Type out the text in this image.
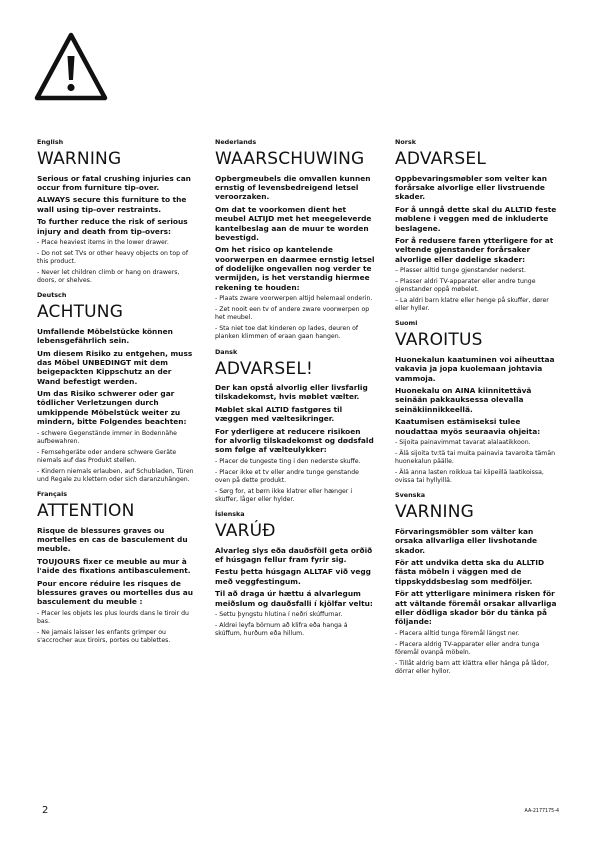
English
WARNING

Serious or fatal crushing injuries can occur from furniture tip-over.

ALWAYS secure this furniture to the wall using tip-over restraints.

To further reduce the risk of serious injury and death from tip-overs:

- Place heaviest items in the lower drawer.

- Do not set TVs or other heavy objects on top of this product.

- Never let children climb or hang on drawers, doors, or shelves.

Deutsch
ACHTUNG

Umfallende Möbelstücke können lebensgefährlich sein.

Um diesem Risiko zu entgehen, muss das Möbel UNBEDINGT mit dem beigepackten Kippschutz an der Wand befestigt werden.

Um das Risiko schwerer oder gar tödlicher Verletzungen durch umkippende Möbelstück weiter zu mindern, bitte Folgendes beachten:

- schwere Gegenstände immer in Bodennähe aufbewahren.

- Fernsehgeräte oder andere schwere Geräte niemals auf das Produkt stellen.

- Kindern niemals erlauben, auf Schubladen, Türen und Regale zu klettern oder sich daranzuhängen.

Français
ATTENTION

Risque de blessures graves ou mortelles en cas de basculement du meuble.

TOUJOURS fixer ce meuble au mur à l'aide des fixations antibasculement.

Pour encore réduire les risques de blessures graves ou mortelles dus au basculement du meuble :

- Placer les objets les plus lourds dans le tiroir du bas.

- Ne jamais laisser les enfants grimper ou s'accrocher aux tiroirs, portes ou tablettes.

Nederlands
WAARSCHUWING

Opbergmeubels die omvallen kunnen ernstig of levensbedreigend letsel veroorzaken.

Om dat te voorkomen dient het meubel ALTIJD met het meegeleverde kantelbeslag aan de muur te worden bevestigd.

Om het risico op kantelende voorwerpen en daarmee ernstig letsel of dodelijke ongevallen nog verder te vermijden, is het verstandig hiermee rekening te houden:

- Plaats zware voorwerpen altijd helemaal onderin.

- Zet nooit een tv of andere zware voorwerpen op het meubel.

- Sta niet toe dat kinderen op lades, deuren of planken klimmen of eraan gaan hangen.

Dansk
ADVARSEL!

Der kan opstå alvorlig eller livsfarlig tilskadekomst, hvis møblet vælter.

Møblet skal ALTID fastgøres til væggen med væltesikringer.

For yderligere at reducere risikoen for alvorlig tilskadekomst og dødsfald som følge af vælteulykker:

- Placer de tungeste ting i den nederste skuffe.

- Placer ikke et tv eller andre tunge genstande oven på dette produkt.

- Sørg for, at børn ikke klatrer eller hænger i skuffer, låger eller hylder.

Íslenska
VARÚÐ

Alvarleg slys eða dauðsföll geta orðið ef húsgagn fellur fram fyrir sig.

Festu þetta húsgagn ALLTAF við vegg með veggfestingum.

Til að draga úr hættu á alvarlegum meiðslum og dauðsfalli í kjölfar veltu:

- Settu þyngstu hlutina í neðri skúffurnar.

- Aldrei leyfa börnum að klifra eða hanga á skúffum, hurðum eða hillum.

Norsk
ADVARSEL

Oppbevaringsmøbler som velter kan forårsake alvorlige eller livstruende skader.

For å unngå dette skal du ALLTID feste møblene i veggen med de inkluderte beslagene.

For å redusere faren ytterligere for at veltende gjenstander forårsaker alvorlige eller dødelige skader:

– Plasser alltid tunge gjenstander nederst.

– Plasser aldri TV-apparater eller andre tunge gjenstander oppå møbelet.

– La aldri barn klatre eller henge på skuffer, dører eller hyller.

Suomi
VAROITUS

Huonekalun kaatuminen voi aiheuttaa vakavia ja jopa kuolemaan johtavia vammoja.

Huonekalu on AINA kiinnitettävä seinään pakkauksessa olevalla seinäkiinnikkeellä.

Kaatumisen estämiseksi tulee noudattaa myös seuraavia ohjeita:

- Sijoita painavimmat tavarat alalaatikkoon.

- Älä sijoita tv:tä tai muita painavia tavaroita tämän huonekalun päälle.

- Älä anna lasten roikkua tai kiipeillä laatikoissa, ovissa tai hyllyillä.

Svenska
VARNING

Förvaringsmöbler som välter kan orsaka allvarliga eller livshotande skador.

För att undvika detta ska du ALLTID fästa möbeln i väggen med de tippskyddsbeslag som medföljer.

För att ytterligare minimera risken för att vältande föremål orsakar allvarliga eller dödliga skador bör du tänka på följande:

- Placera alltid tunga föremål längst ner.

- Placera aldrig TV-apparater eller andra tunga föremål ovanpå möbeln.

- Tillåt aldrig barn att klättra eller hänga på lådor, dörrar eller hyllor.

2	AA-2177175-4
